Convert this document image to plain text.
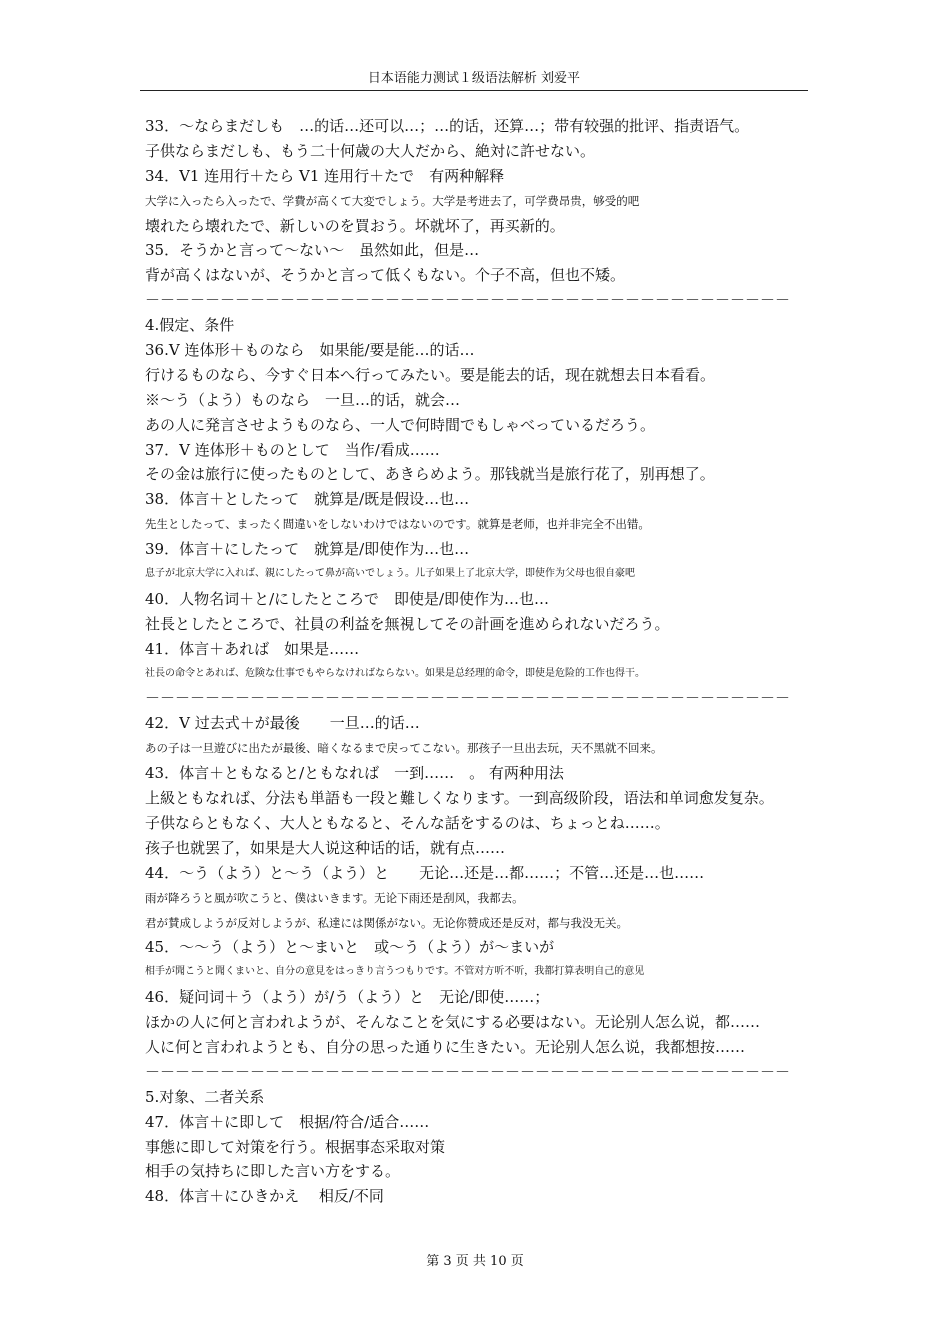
日本语能力测试１级语法解析 刘爱平
33．～ならまだしも　…的话…还可以…；…的话，还算…；带有较强的批评、指责语气。
子供ならまだしも、もう二十何歳の大人だから、絶対に許せない。
34．V1 连用行＋たら V1 连用行＋たで　有两种解释
大学に入ったら入ったで、学費が高くて大変でしょう。大学是考进去了，可学费昂贵，够受的吧
壊れたら壊れたで、新しいのを買おう。坏就坏了，再买新的。
35．そうかと言って～ない～　虽然如此，但是…
背が高くはないが、そうかと言って低くもない。个子不高，但也不矮。
－－－－－－－－－－－－－－－－－－－－－－－－－－－－－－－－－－－－－－－－－－－
4.假定、条件
36.V 连体形＋ものなら　如果能/要是能…的话…
行けるものなら、今すぐ日本へ行ってみたい。要是能去的话，现在就想去日本看看。
※～う（よう）ものなら　一旦…的话，就会…
あの人に発言させようものなら、一人で何時間でもしゃべっているだろう。
37．V 连体形＋ものとして　当作/看成……
その金は旅行に使ったものとして、あきらめよう。那钱就当是旅行花了，别再想了。
38．体言＋としたって　就算是/既是假设…也…
先生としたって、まったく間違いをしないわけではないのです。就算是老师，也并非完全不出错。
39．体言＋にしたって　就算是/即使作为…也…
息子が北京大学に入れば、親にしたって鼻が高いでしょう。儿子如果上了北京大学，即使作为父母也很自豪吧
40．人物名词＋と/にしたところで　即使是/即使作为…也…
社長としたところで、社員の利益を無視してその計画を進められないだろう。
41．体言＋あれば　如果是……
社長の命令とあれば、危険な仕事でもやらなければならない。如果是总经理的命令，即使是危险的工作也得干。
－－－－－－－－－－－－－－－－－－－－－－－－－－－－－－－－－－－－－－－－－－－
42．V 过去式＋が最後　　一旦…的话…
あの子は一旦遊びに出たが最後、暗くなるまで戻ってこない。那孩子一旦出去玩，天不黑就不回来。
43．体言＋ともなると/ともなれば　一到……　。 有两种用法
上級ともなれば、分法も単語も一段と難しくなります。一到高级阶段，语法和单词愈发复杂。
子供ならともなく、大人ともなると、そんな話をするのは、ちょっとね……。
孩子也就罢了，如果是大人说这种话的话，就有点……
44．～う（よう）と～う（よう）と　　无论…还是…都……；不管…还是…也……
雨が降ろうと風が吹こうと、僕はいきます。无论下雨还是刮风，我都去。
君が賛成しようが反対しようが、私達には関係がない。无论你赞成还是反对，都与我没无关。
45．～～う（よう）と～まいと　或～う（よう）が～まいが
相手が聞こうと聞くまいと、自分の意見をはっきり言うつもりです。不管对方听不听，我都打算表明自己的意见
46．疑问词＋う（よう）が/う（よう）と　无论/即使……；
ほかの人に何と言われようが、そんなことを気にする必要はない。无论别人怎么说，都……
人に何と言われようとも、自分の思った通りに生きたい。无论别人怎么说，我都想按……
－－－－－－－－－－－－－－－－－－－－－－－－－－－－－－－－－－－－－－－－－－－
5.对象、二者关系
47．体言＋に即して　根据/符合/适合……
事態に即して対策を行う。根据事态采取对策
相手の気持ちに即した言い方をする。
48．体言＋にひきかえ　 相反/不同
第 3 页 共 10 页
